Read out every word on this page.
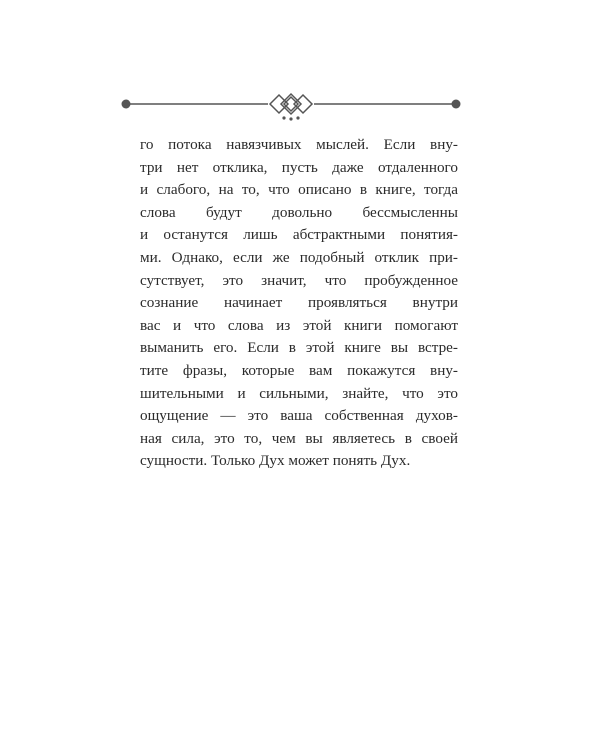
го потока навязчивых мыслей. Если вну-
три нет отклика, пусть даже отдаленного
и слабого, на то, что описано в книге, тогда
слова будут довольно бессмысленны
и останутся лишь абстрактными понятия-
ми. Однако, если же подобный отклик при-
сутствует, это значит, что пробужденное
сознание начинает проявляться внутри
вас и что слова из этой книги помогают
выманить его. Если в этой книге вы встре-
тите фразы, которые вам покажутся вну-
шительными и сильными, знайте, что это
ощущение — это ваша собственная духов-
ная сила, это то, чем вы являетесь в своей
сущности. Только Дух может понять Дух.
